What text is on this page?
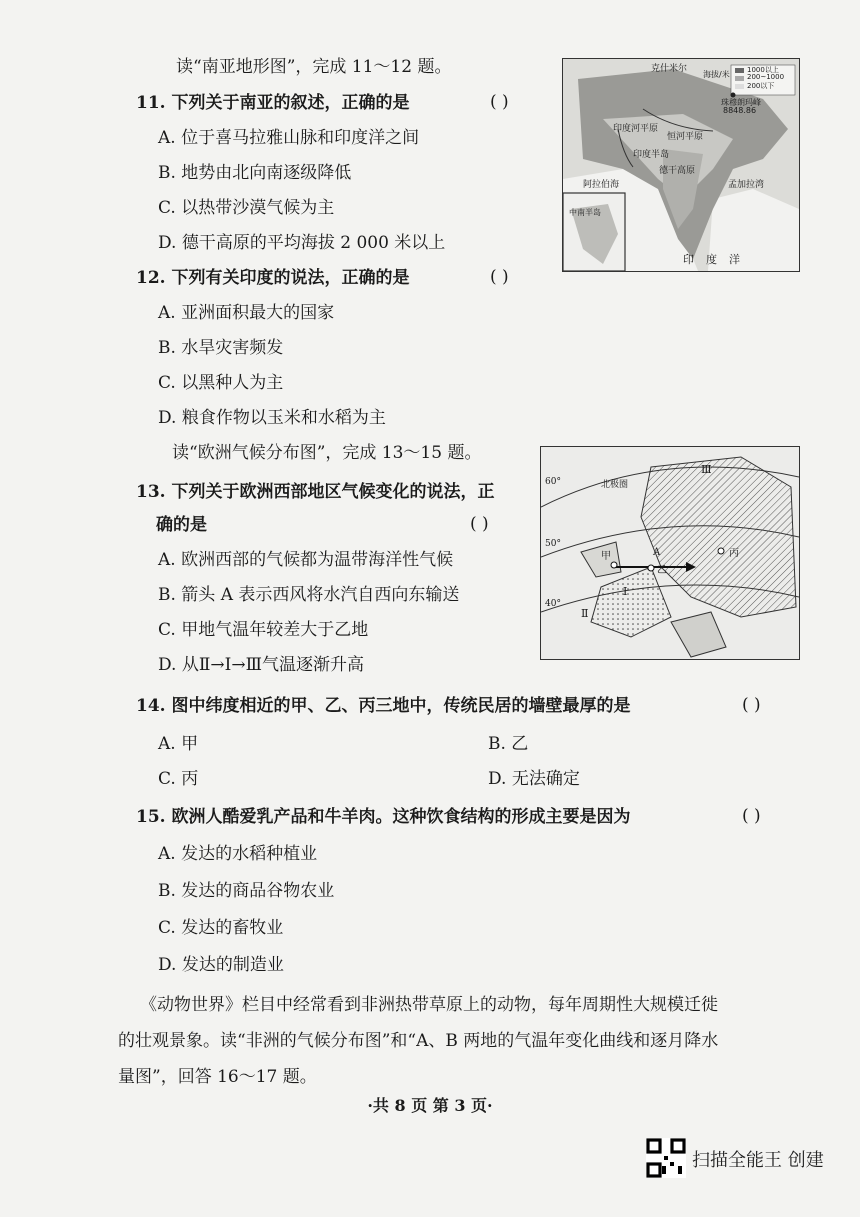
读“南亚地形图”，完成 11～12 题。
11. 下列关于南亚的叙述，正确的是	( )
A. 位于喜马拉雅山脉和印度洋之间
B. 地势由北向南逐级降低
C. 以热带沙漠气候为主
D. 德干高原的平均海拔 2 000 米以上
克什米尔
海拔/米 1000以上
200~1000
200以下
珠穆朗玛峰
8848.86
恒河平原
印度河平原
印度半岛
德干高原
阿拉伯海	孟加拉湾
印度洋
中南半岛
12. 下列有关印度的说法，正确的是	( )
A. 亚洲面积最大的国家
B. 水旱灾害频发
C. 以黑种人为主
D. 粮食作物以玉米和水稻为主
读“欧洲气候分布图”，完成 13～15 题。
北极圈
Ⅲ
Ⅰ
Ⅱ
甲
乙
丙
A
60°
50°
40°
13. 下列关于欧洲西部地区气候变化的说法，正
确的是	( )
A. 欧洲西部的气候都为温带海洋性气候
B. 箭头 A 表示西风将水汽自西向东输送
C. 甲地气温年较差大于乙地
D. 从Ⅱ→Ⅰ→Ⅲ气温逐渐升高
14. 图中纬度相近的甲、乙、丙三地中，传统民居的墙壁最厚的是	( )
A. 甲	B. 乙
C. 丙	D. 无法确定
15. 欧洲人酷爱乳产品和牛羊肉。这种饮食结构的形成主要是因为	( )
A. 发达的水稻种植业
B. 发达的商品谷物农业
C. 发达的畜牧业
D. 发达的制造业
《动物世界》栏目中经常看到非洲热带草原上的动物，每年周期性大规模迁徙
的壮观景象。读“非洲的气候分布图”和“A、B 两地的气温年变化曲线和逐月降水
量图”，回答 16～17 题。
·共 8 页 第 3 页·
扫描全能王 创建
